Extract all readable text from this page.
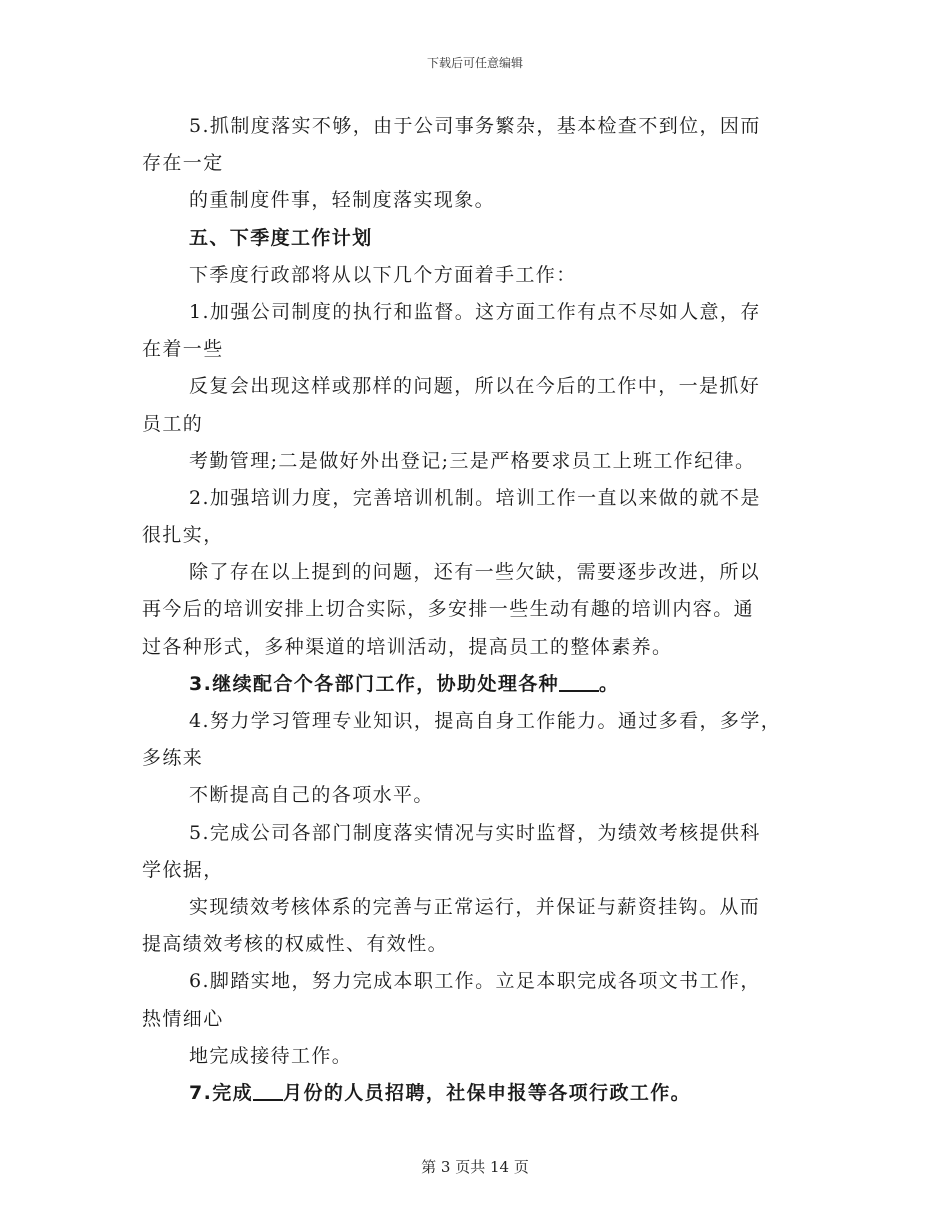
下载后可任意编辑
5.抓制度落实不够，由于公司事务繁杂，基本检查不到位，因而
存在一定
的重制度件事，轻制度落实现象。
五、下季度工作计划
下季度行政部将从以下几个方面着手工作：
1.加强公司制度的执行和监督。这方面工作有点不尽如人意，存
在着一些
反复会出现这样或那样的问题，所以在今后的工作中，一是抓好
员工的
考勤管理;二是做好外出登记;三是严格要求员工上班工作纪律。
2.加强培训力度，完善培训机制。培训工作一直以来做的就不是
很扎实，
除了存在以上提到的问题，还有一些欠缺，需要逐步改进，所以
再今后的培训安排上切合实际，多安排一些生动有趣的培训内容。通
过各种形式，多种渠道的培训活动，提高员工的整体素养。
3.继续配合个各部门工作，协助处理各种 。
4.努力学习管理专业知识，提高自身工作能力。通过多看，多学，
多练来
不断提高自己的各项水平。
5.完成公司各部门制度落实情况与实时监督，为绩效考核提供科
学依据，
实现绩效考核体系的完善与正常运行，并保证与薪资挂钩。从而
提高绩效考核的权威性、有效性。
6.脚踏实地，努力完成本职工作。立足本职完成各项文书工作，
热情细心
地完成接待工作。
7.完成 月份的人员招聘，社保申报等各项行政工作。
第 3 页共 14 页
